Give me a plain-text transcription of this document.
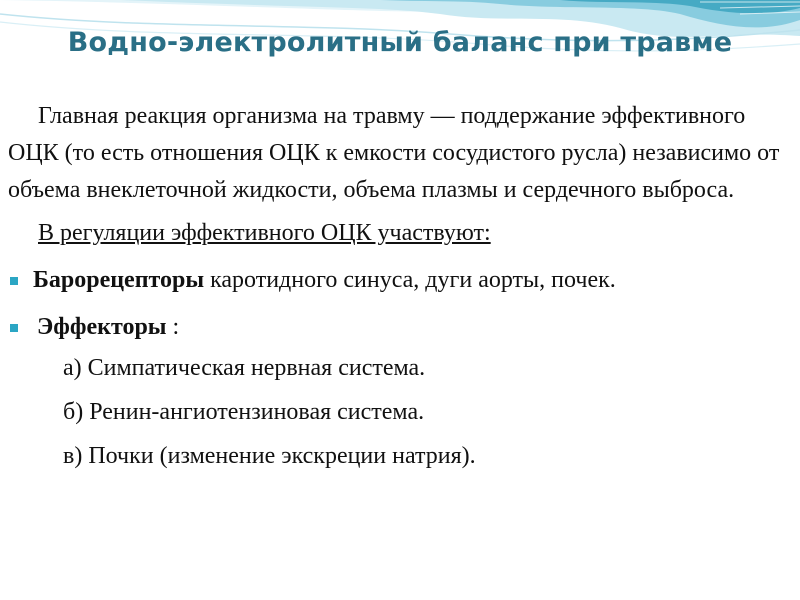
Водно-электролитный баланс при травме

Главная реакция организма на травму — поддержание эффективного ОЦК (то есть отношения ОЦК к емкости сосудистого русла) независимо от объема внеклеточной жидкости, объема плазмы и сердечного выброса.

В регуляции эффективного ОЦК участвуют:
Барорецепторы каротидного синуса, дуги аорты, почек.
Эффекторы :
а) Симпатическая нервная система.
б) Ренин-ангиотензиновая система.
в) Почки (изменение экскреции натрия).
